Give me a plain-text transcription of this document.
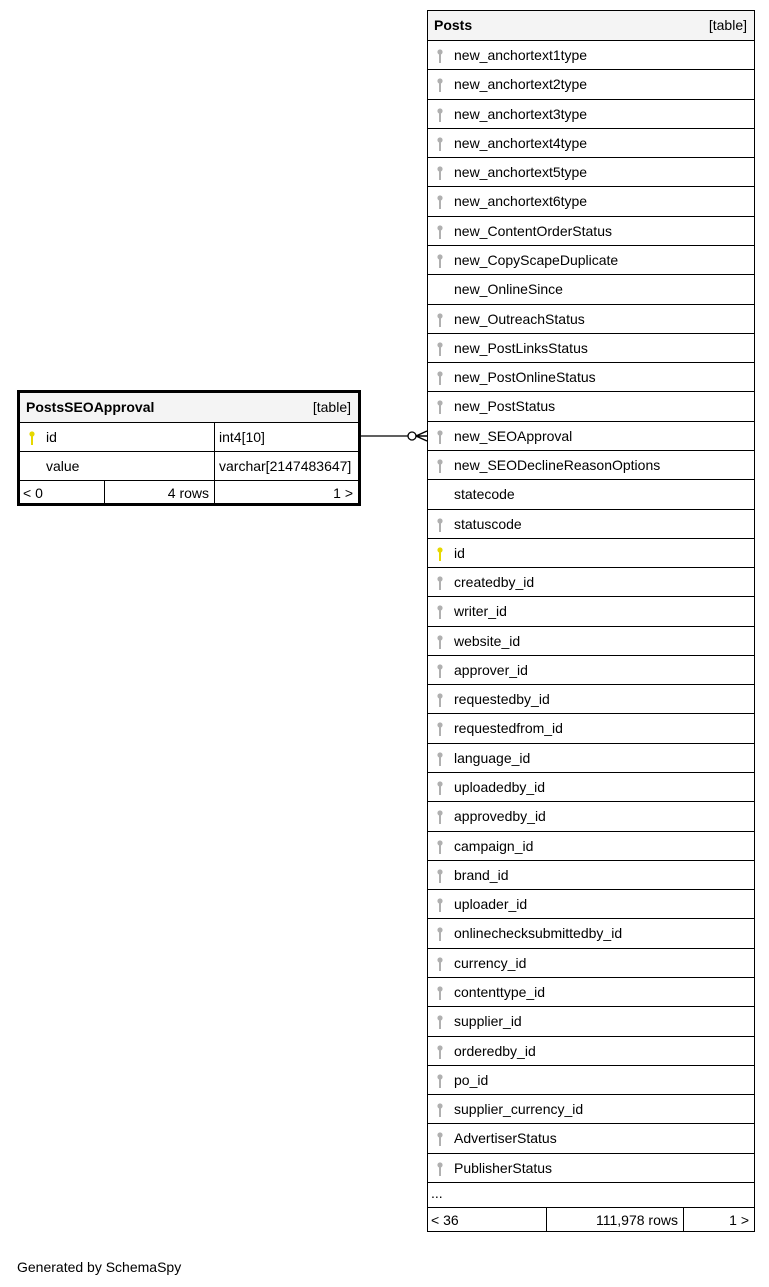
PostsSEOApproval	[table]
id	int4[10]
value	varchar[2147483647]
< 0	4 rows	1 >
Posts	[table]
new_anchortext1type
new_anchortext2type
new_anchortext3type
new_anchortext4type
new_anchortext5type
new_anchortext6type
new_ContentOrderStatus
new_CopyScapeDuplicate
new_OnlineSince
new_OutreachStatus
new_PostLinksStatus
new_PostOnlineStatus
new_PostStatus
new_SEOApproval
new_SEODeclineReasonOptions
statecode
statuscode
id
createdby_id
writer_id
website_id
approver_id
requestedby_id
requestedfrom_id
language_id
uploadedby_id
approvedby_id
campaign_id
brand_id
uploader_id
onlinechecksubmittedby_id
currency_id
contenttype_id
supplier_id
orderedby_id
po_id
supplier_currency_id
AdvertiserStatus
PublisherStatus
...
< 36	111,978 rows	1 >
Generated by SchemaSpy
